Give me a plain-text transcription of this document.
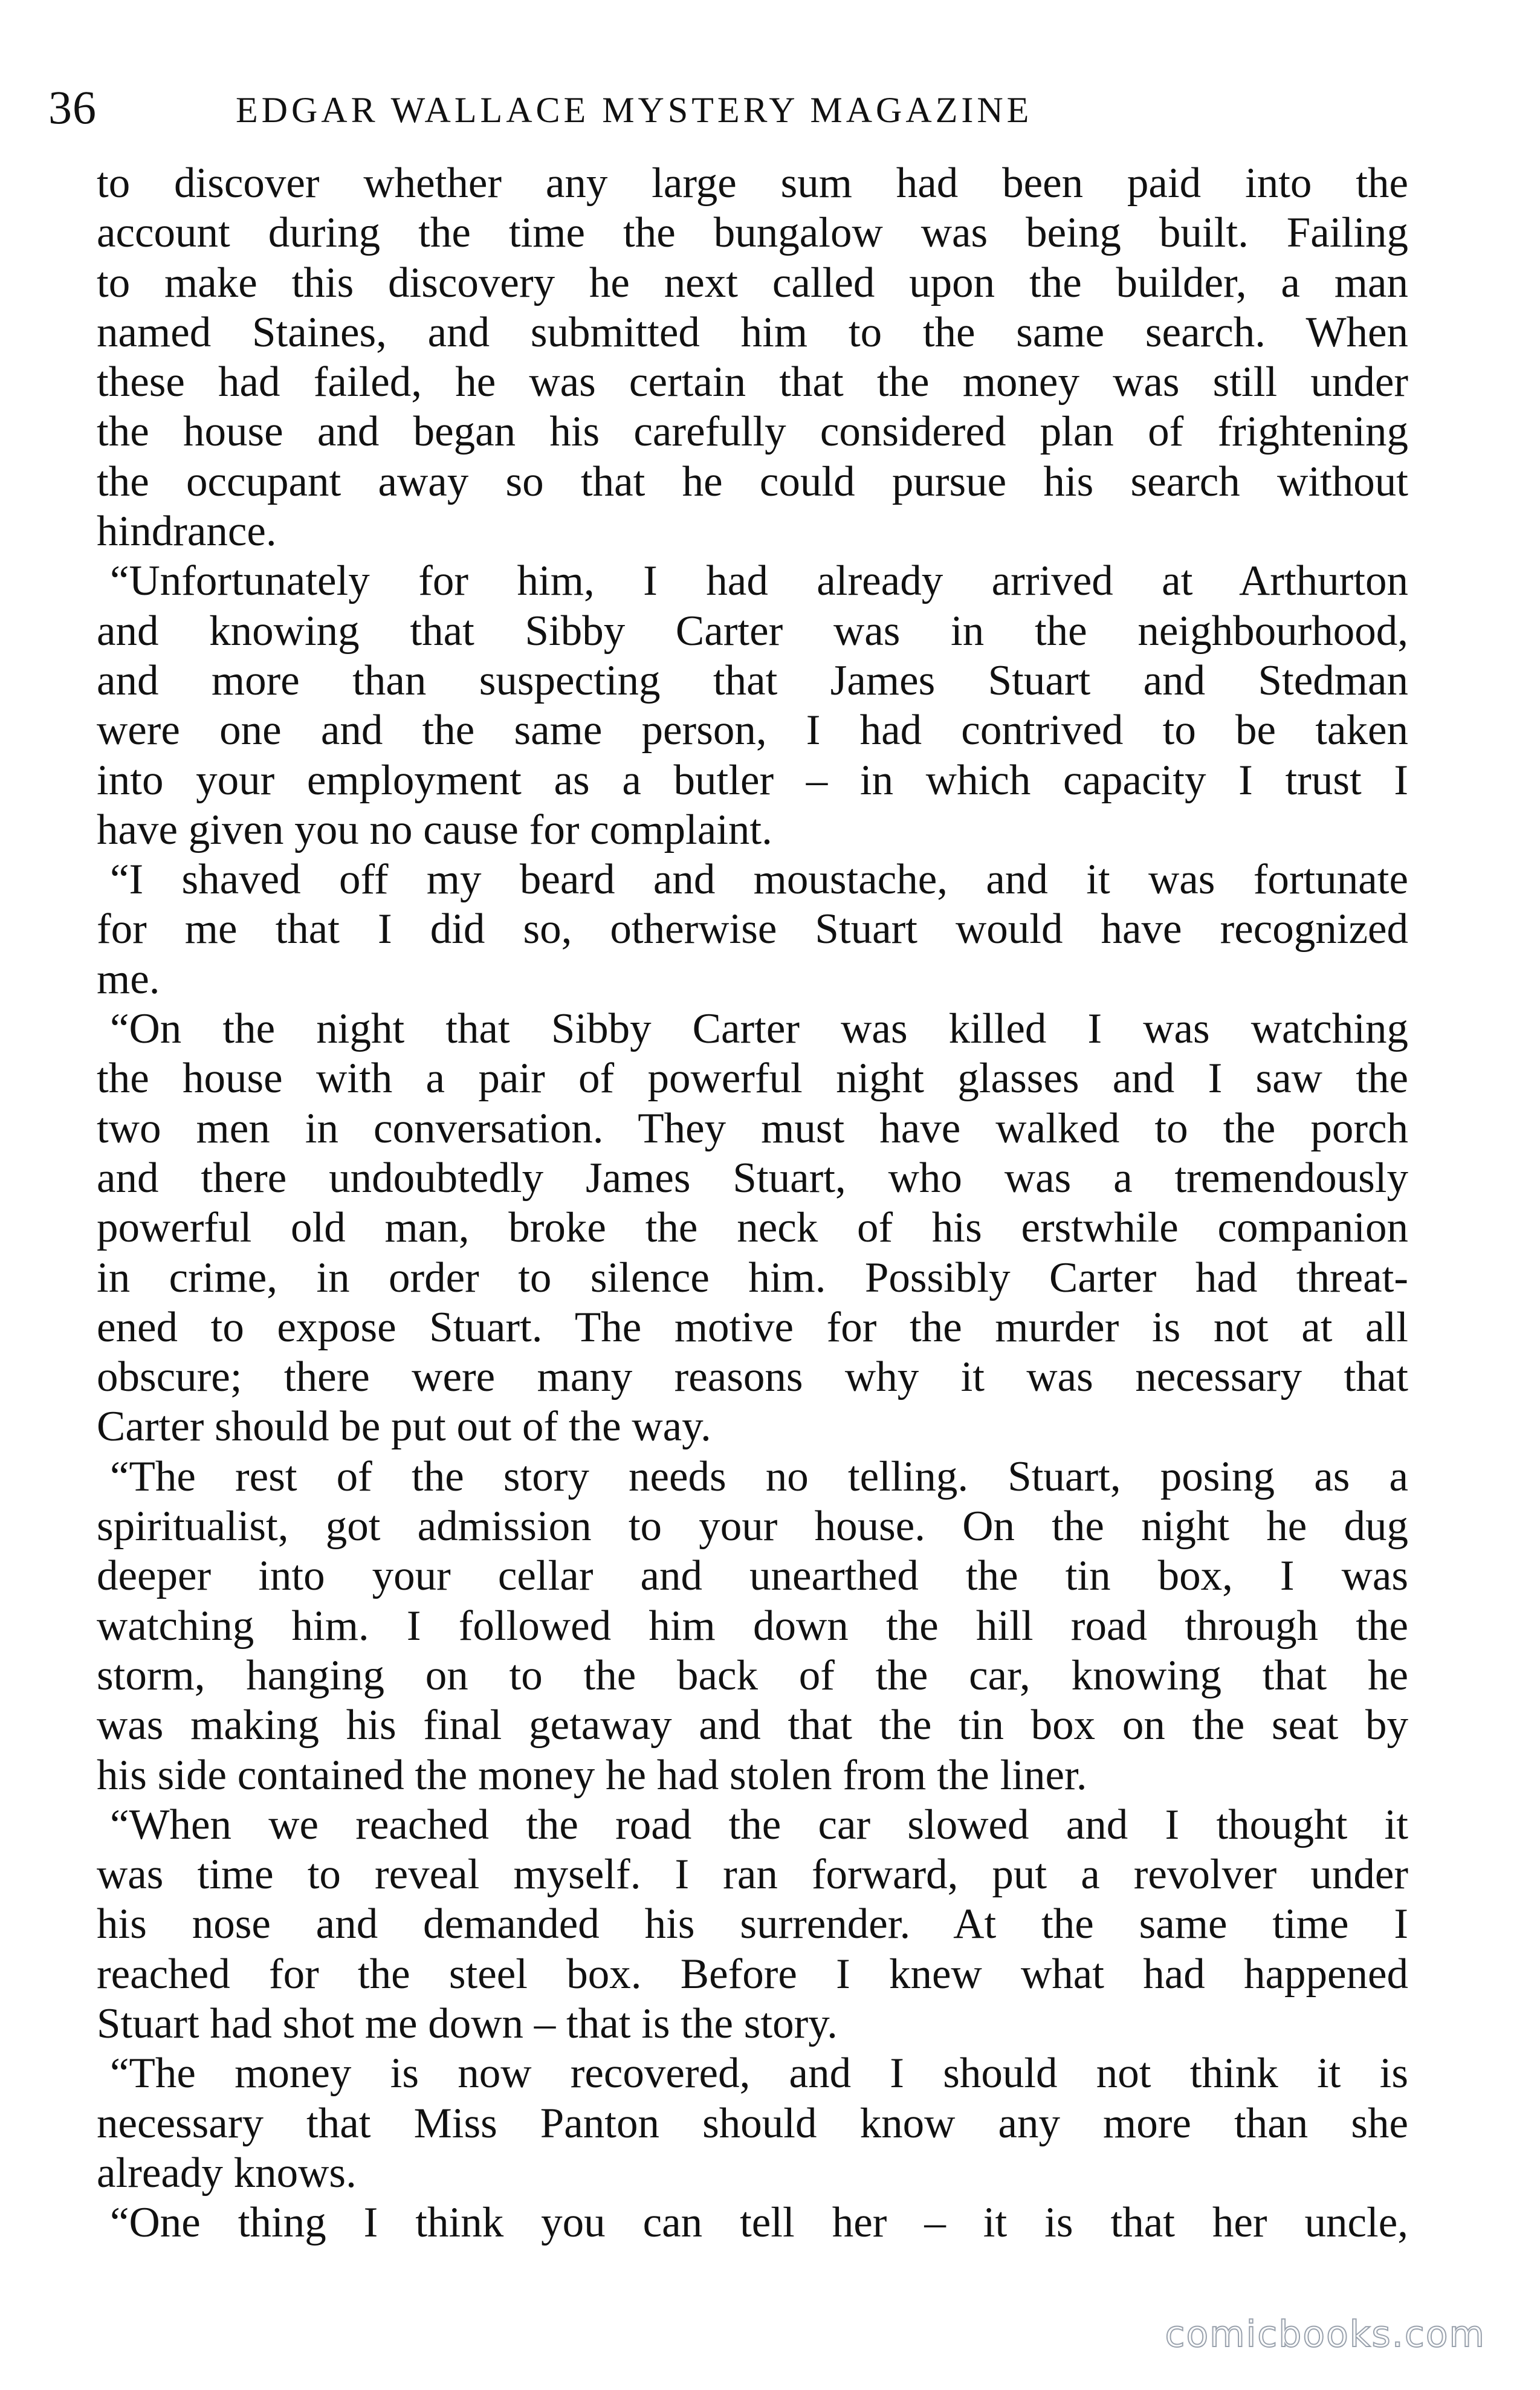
36	EDGAR WALLACE MYSTERY MAGAZINE
to discover whether any large sum had been paid into the
account during the time the bungalow was being built. Failing
to make this discovery he next called upon the builder, a man
named Staines, and submitted him to the same search. When
these had failed, he was certain that the money was still under
the house and began his carefully considered plan of frightening
the occupant away so that he could pursue his search without
hindrance.
“Unfortunately for him, I had already arrived at Arthurton
and knowing that Sibby Carter was in the neighbourhood,
and more than suspecting that James Stuart and Stedman
were one and the same person, I had contrived to be taken
into your employment as a butler – in which capacity I trust I
have given you no cause for complaint.
“I shaved off my beard and moustache, and it was fortunate
for me that I did so, otherwise Stuart would have recognized
me.
“On the night that Sibby Carter was killed I was watching
the house with a pair of powerful night glasses and I saw the
two men in conversation. They must have walked to the porch
and there undoubtedly James Stuart, who was a tremendously
powerful old man, broke the neck of his erstwhile companion
in crime, in order to silence him. Possibly Carter had threat-
ened to expose Stuart. The motive for the murder is not at all
obscure; there were many reasons why it was necessary that
Carter should be put out of the way.
“The rest of the story needs no telling. Stuart, posing as a
spiritualist, got admission to your house. On the night he dug
deeper into your cellar and unearthed the tin box, I was
watching him. I followed him down the hill road through the
storm, hanging on to the back of the car, knowing that he
was making his final getaway and that the tin box on the seat by
his side contained the money he had stolen from the liner.
“When we reached the road the car slowed and I thought it
was time to reveal myself. I ran forward, put a revolver under
his nose and demanded his surrender. At the same time I
reached for the steel box. Before I knew what had happened
Stuart had shot me down – that is the story.
“The money is now recovered, and I should not think it is
necessary that Miss Panton should know any more than she
already knows.
“One thing I think you can tell her – it is that her uncle,
comicbooks.com
